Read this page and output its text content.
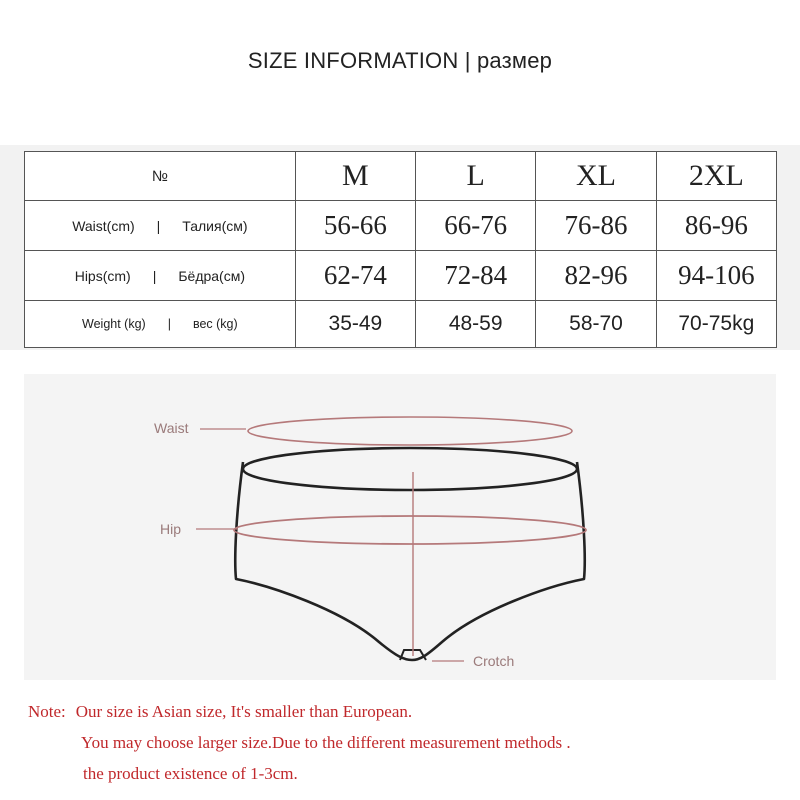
SIZE INFORMATION | размер
№	M	L	XL	2XL

Waist(cm) | Талия(см)	56-66	66-76	76-86	86-96

Hips(cm) | Бёдра(см)	62-74	72-84	82-96	94-106

Weight (kg) | вес (kg)	35-49	48-59	58-70	70-75kg
Waist
Hip
Crotch
Note: Our size is Asian size, It's smaller than European.
You may choose larger size.Due to the different measurement methods .
the product existence of 1-3cm.
